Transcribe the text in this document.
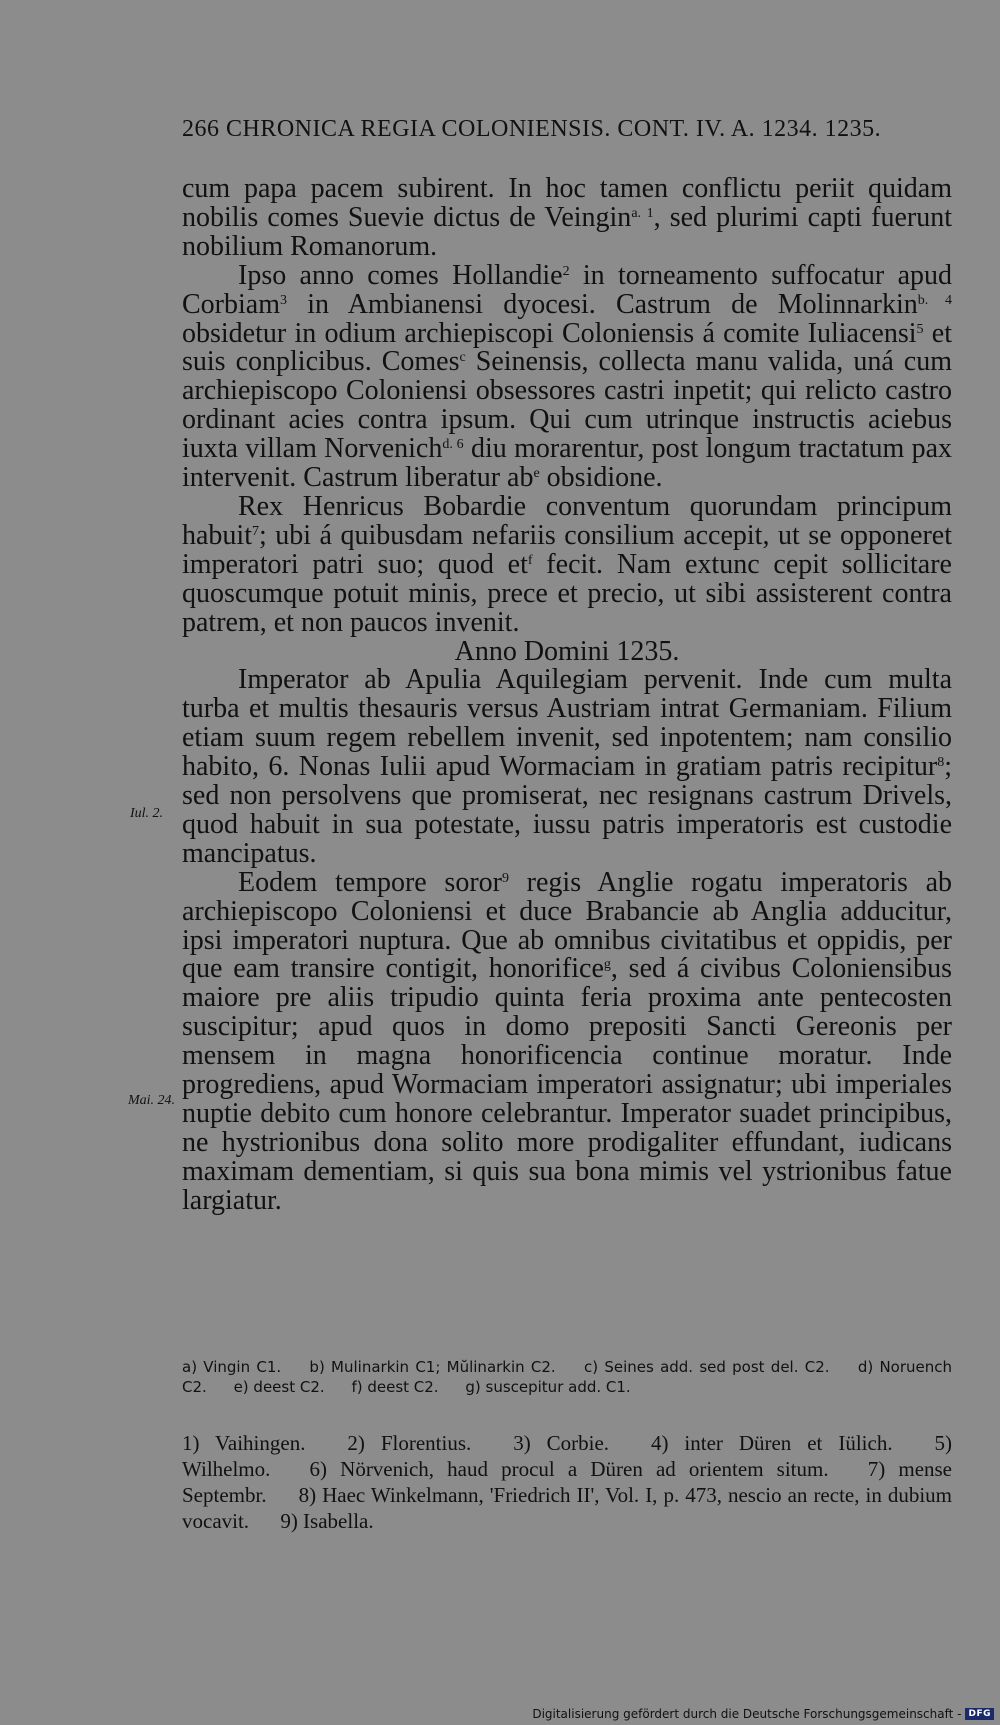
266 CHRONICA REGIA COLONIENSIS. CONT. IV. A. 1234. 1235.

cum papa pacem subirent. In hoc tamen conflictu periit quidam nobilis comes Suevie dictus de Veingin$^{a. 1}$, sed plurimi capti fuerunt nobilium Romanorum.

Ipso anno comes Hollandie$^2$ in torneamento suffocatur apud Corbiam$^3$ in Ambianensi dyocesi. Castrum de Molinnarkin$^{b. 4}$ obsidetur in odium archiepiscopi Coloniensis á comite Iuliacensi$^5$ et suis conplicibus. Comes$^c$ Seinensis, collecta manu valida, uná cum archiepiscopo Coloniensi obsessores castri inpetit; qui relicto castro ordinant acies contra ipsum. Qui cum utrinque instructis aciebus iuxta villam Norvenich$^{d. 6}$ diu morarentur, post longum tractatum pax intervenit. Castrum liberatur $ab^e$ obsidione.

Rex Henricus Bobardie conventum quorundam principum habuit$^7$; ubi á quibusdam nefariis consilium accepit, ut se opponeret imperatori patri suo; quod $et^f$ fecit. Nam extunc cepit sollicitare quoscumque potuit minis, prece et precio, ut sibi assisterent contra patrem, et non paucos invenit.

Anno Domini 1235.

Imperator ab Apulia Aquilegiam pervenit. Inde cum multa turba et multis thesauris versus Austriam intrat Germaniam. Filium etiam suum regem rebellem invenit, sed inpotentem; nam consilio habito, 6. Nonas Iulii apud Wormaciam in gratiam patris recipitur$^8$; sed non persolvens que promiserat, nec resignans castrum Drivels, quod habuit in sua potestate, iussu patris imperatoris est custodie mancipatus.

Eodem tempore soror$^9$ regis Anglie rogatu imperatoris ab archiepiscopo Coloniensi et duce Brabancie ab Anglia adducitur, ipsi imperatori nuptura. Que ab omnibus civitatibus et oppidis, per que eam transire contigit, honorifice$^g$, sed á civibus Coloniensibus maiore pre aliis tripudio quinta feria proxima ante pentecosten suscipitur; apud quos in domo prepositi Sancti Gereonis per mensem in magna honorificencia continue moratur. Inde progrediens, apud Wormaciam imperatori assignatur; ubi imperiales nuptie debito cum honore celebrantur. Imperator suadet principibus, ne hystrionibus dona solito more prodigaliter effundant, iudicans maximam dementiam, si quis sua bona mimis vel ystrionibus fatue largiatur.

Iul. 2.
Mai. 24.
a) Vingin C1. b) Mulinarkin C1; Mŭlinarkin C2. c) Seines add. sed post del. C2. d) Noruench C2. e) deest C2. f) deest C2. g) suscepitur add. C1.
1) Vaihingen. 2) Florentius. 3) Corbie. 4) inter Düren et Iülich. 5) Wilhelmo. 6) Nörvenich, haud procul a Düren ad orientem situm. 7) mense Septembr. 8) Haec Winkelmann, 'Friedrich II', Vol. I, p. 473, nescio an recte, in dubium vocavit. 9) Isabella.
Digitalisierung gefördert durch die Deutsche Forschungsgemeinschaft - DFG
